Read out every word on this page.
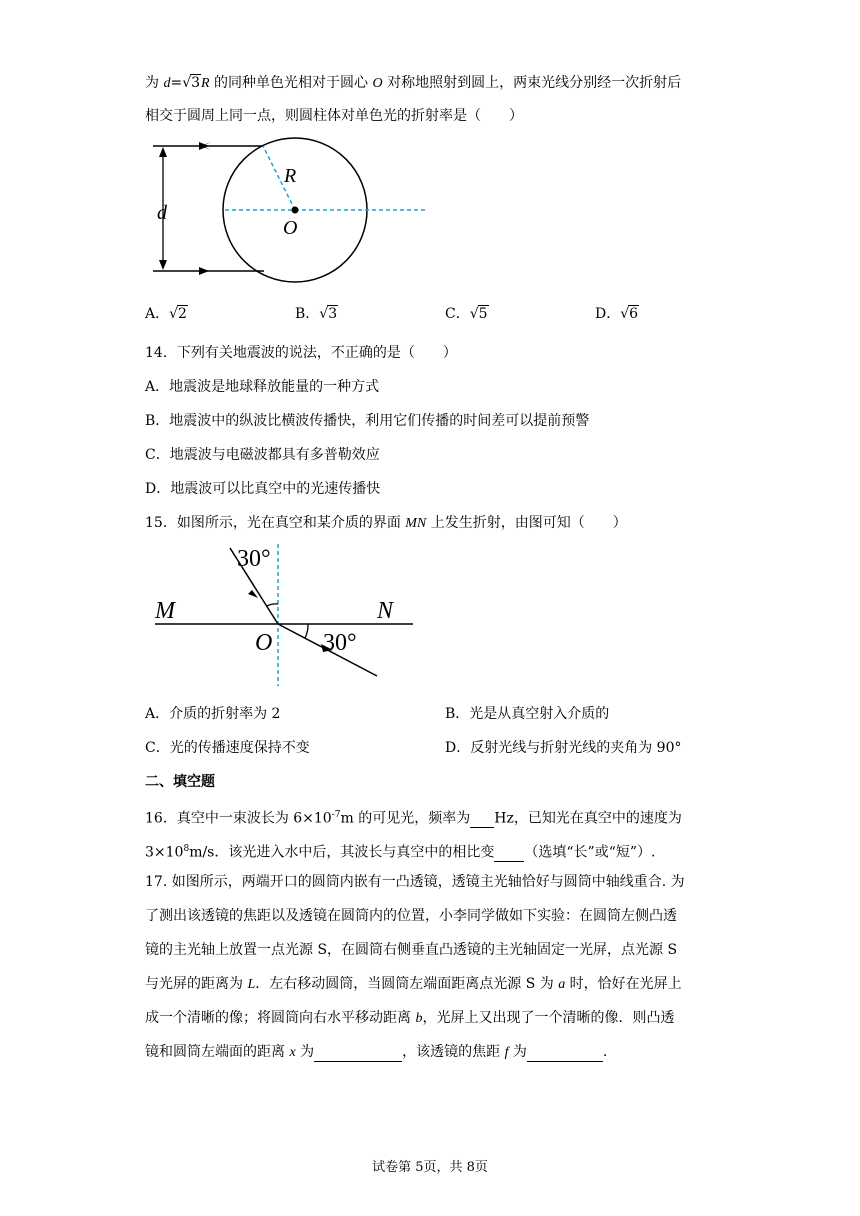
为 d=√3R 的同种单色光相对于圆心 O 对称地照射到圆上，两束光线分别经一次折射后
相交于圆周上同一点，则圆柱体对单色光的折射率是（　　）
d
R
O
A．√2	B．√3	C．√5	D．√6
14．下列有关地震波的说法，不正确的是（　　）
A．地震波是地球释放能量的一种方式
B．地震波中的纵波比横波传播快，利用它们传播的时间差可以提前预警
C．地震波与电磁波都具有多普勒效应
D．地震波可以比真空中的光速传播快
15．如图所示，光在真空和某介质的界面 MN 上发生折射，由图可知（　　）
30°
30°
M	N
O
A．介质的折射率为 2	B．光是从真空射入介质的
C．光的传播速度保持不变	D．反射光线与折射光线的夹角为 90°
二、填空题
16．真空中一束波长为 $6\times 10^{-7}m$ 的可见光，频率为 Hz，已知光在真空中的速度为
$3\times 10^8m/s$．该光进入水中后，其波长与真空中的相比变 （选填“长”或“短”）.
17. 如图所示，两端开口的圆筒内嵌有一凸透镜，透镜主光轴恰好与圆筒中轴线重合. 为
了测出该透镜的焦距以及透镜在圆筒内的位置，小李同学做如下实验：在圆筒左侧凸透
镜的主光轴上放置一点光源 S，在圆筒右侧垂直凸透镜的主光轴固定一光屏，点光源 S
与光屏的距离为 L．左右移动圆筒，当圆筒左端面距离点光源 S 为 a 时，恰好在光屏上
成一个清晰的像；将圆筒向右水平移动距离 b，光屏上又出现了一个清晰的像．则凸透
镜和圆筒左端面的距离 x 为	，该透镜的焦距 f 为	.
试卷第 5页，共 8页
